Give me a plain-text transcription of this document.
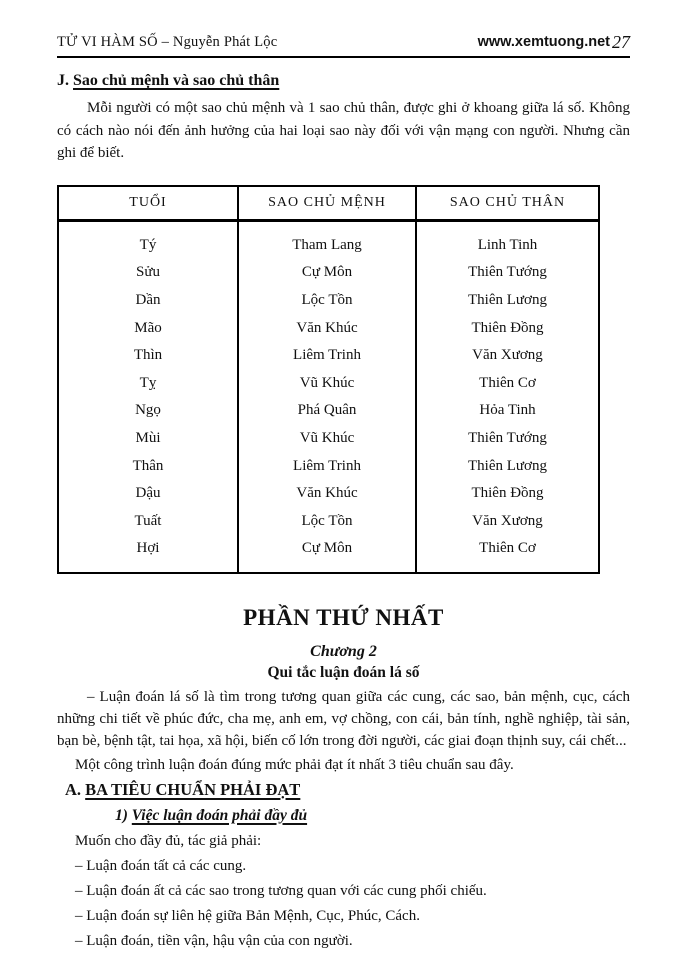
TỬ VI HÀM SỐ – Nguyễn Phát Lộc	www.xemtuong.net 27
J. Sao chủ mệnh và sao chủ thân
Mỗi người có một sao chủ mệnh và 1 sao chủ thân, được ghi ở khoang giữa lá số. Không có cách nào nói đến ảnh hưởng của hai loại sao này đối với vận mạng con người. Nhưng cần ghi để biết.
TUỔI	SAO CHỦ MỆNH	SAO CHỦ THÂN
Tý	Tham Lang	Linh Tinh
Sửu	Cự Môn	Thiên Tướng
Dần	Lộc Tồn	Thiên Lương
Mão	Văn Khúc	Thiên Đồng
Thìn	Liêm Trinh	Văn Xương
Tỵ	Vũ Khúc	Thiên Cơ
Ngọ	Phá Quân	Hỏa Tinh
Mùi	Vũ Khúc	Thiên Tướng
Thân	Liêm Trinh	Thiên Lương
Dậu	Văn Khúc	Thiên Đồng
Tuất	Lộc Tồn	Văn Xương
Hợi	Cự Môn	Thiên Cơ
PHẦN THỨ NHẤT
Chương 2
Qui tắc luận đoán lá số
– Luận đoán lá số là tìm trong tương quan giữa các cung, các sao, bản mệnh, cục, cách những chi tiết về phúc đức, cha mẹ, anh em, vợ chồng, con cái, bản tính, nghề nghiệp, tài sản, bạn bè, bệnh tật, tai họa, xã hội, biến cố lớn trong đời người, các giai đoạn thịnh suy, cái chết...
Một công trình luận đoán đúng mức phải đạt ít nhất 3 tiêu chuẩn sau đây.
A. BA TIÊU CHUẨN PHẢI ĐẠT
1) Việc luận đoán phải đầy đủ
Muốn cho đầy đủ, tác giả phải:
– Luận đoán tất cả các cung.
– Luận đoán ất cả các sao trong tương quan với các cung phối chiếu.
– Luận đoán sự liên hệ giữa Bản Mệnh, Cục, Phúc, Cách.
– Luận đoán, tiền vận, hậu vận của con người.
